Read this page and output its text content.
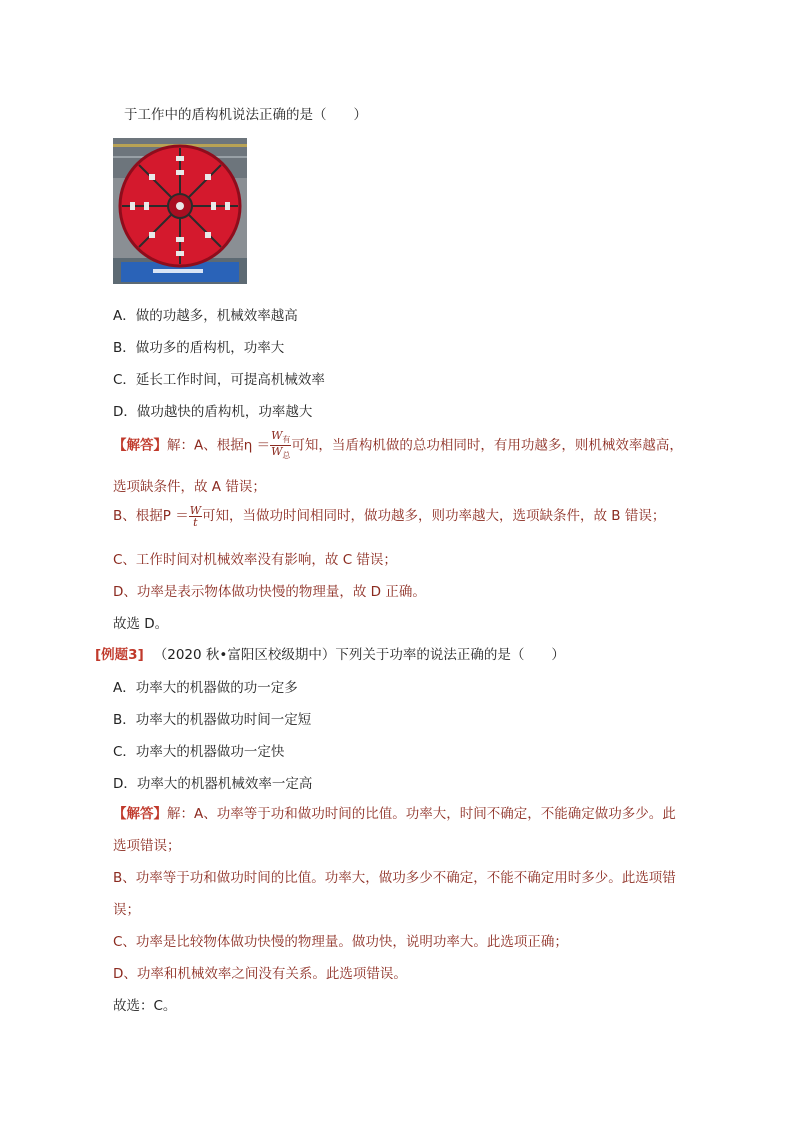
于工作中的盾构机说法正确的是（　　）
A．做的功越多，机械效率越高
B．做功多的盾构机，功率大
C．延长工作时间，可提高机械效率
D．做功越快的盾构机，功率越大
【解答】解：A、根据$\eta = \frac{W_有}{W_总}$ 可知，当盾构机做的总功相同时，有用功越多，则机械效率越高，
选项缺条件，故 A 错误；
B、根据$P = \frac{W}{t}$ 可知，当做功时间相同时，做功越多，则功率越大，选项缺条件，故 B 错误；
C、工作时间对机械效率没有影响，故 C 错误；
D、功率是表示物体做功快慢的物理量，故 D 正确。
故选 D。
[例题3] （2020 秋•富阳区校级期中）下列关于功率的说法正确的是（　　）
A．功率大的机器做的功一定多
B．功率大的机器做功时间一定短
C．功率大的机器做功一定快
D．功率大的机器机械效率一定高
【解答】解：A、功率等于功和做功时间的比值。功率大，时间不确定，不能确定做功多少。此
选项错误；
B、功率等于功和做功时间的比值。功率大，做功多少不确定，不能不确定用时多少。此选项错
误；
C、功率是比较物体做功快慢的物理量。做功快，说明功率大。此选项正确；
D、功率和机械效率之间没有关系。此选项错误。
故选：C。
